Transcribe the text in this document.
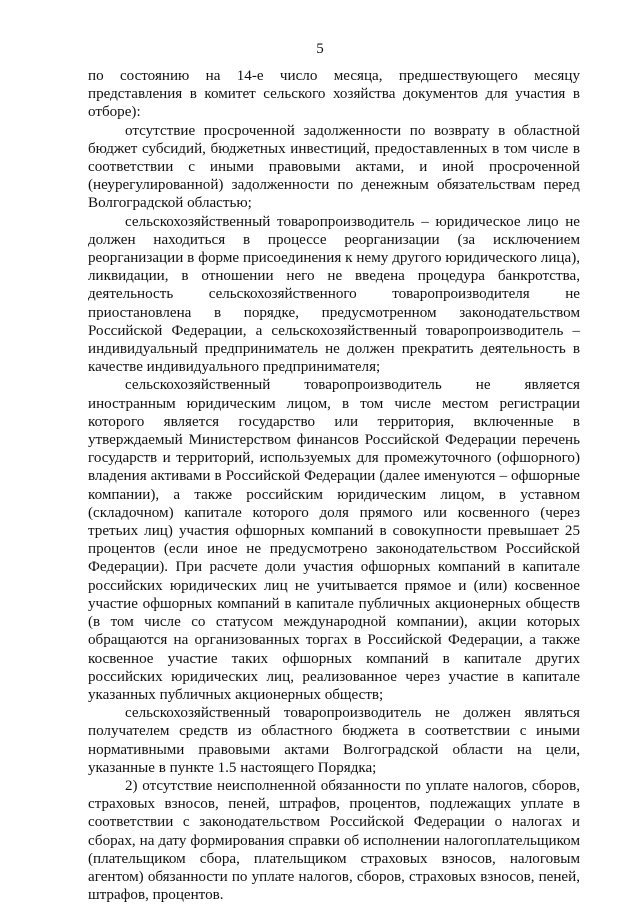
5

по состоянию на 14-е число месяца, предшествующего месяцу представления в комитет сельского хозяйства документов для участия в отборе):

отсутствие просроченной задолженности по возврату в областной бюджет субсидий, бюджетных инвестиций, предоставленных в том числе в соответствии с иными правовыми актами, и иной просроченной (неурегулированной) задолженности по денежным обязательствам перед Волгоградской областью;

сельскохозяйственный товаропроизводитель – юридическое лицо не должен находиться в процессе реорганизации (за исключением реорганизации в форме присоединения к нему другого юридического лица), ликвидации, в отношении него не введена процедура банкротства, деятельность сельскохозяйственного товаропроизводителя не приостановлена в порядке, предусмотренном законодательством Российской Федерации, а сельскохозяйственный товаропроизводитель – индивидуальный предприниматель не должен прекратить деятельность в качестве индивидуального предпринимателя;

сельскохозяйственный товаропроизводитель не является иностранным юридическим лицом, в том числе местом регистрации которого является государство или территория, включенные в утверждаемый Министерством финансов Российской Федерации перечень государств и территорий, используемых для промежуточного (офшорного) владения активами в Российской Федерации (далее именуются – офшорные компании), а также российским юридическим лицом, в уставном (складочном) капитале которого доля прямого или косвенного (через третьих лиц) участия офшорных компаний в совокупности превышает 25 процентов (если иное не предусмотрено законодательством Российской Федерации). При расчете доли участия офшорных компаний в капитале российских юридических лиц не учитывается прямое и (или) косвенное участие офшорных компаний в капитале публичных акционерных обществ (в том числе со статусом международной компании), акции которых обращаются на организованных торгах в Российской Федерации, а также косвенное участие таких офшорных компаний в капитале других российских юридических лиц, реализованное через участие в капитале указанных публичных акционерных обществ;

сельскохозяйственный товаропроизводитель не должен являться получателем средств из областного бюджета в соответствии с иными нормативными правовыми актами Волгоградской области на цели, указанные в пункте 1.5 настоящего Порядка;

2) отсутствие неисполненной обязанности по уплате налогов, сборов, страховых взносов, пеней, штрафов, процентов, подлежащих уплате в соответствии с законодательством Российской Федерации о налогах и сборах, на дату формирования справки об исполнении налогоплательщиком (плательщиком сбора, плательщиком страховых взносов, налоговым агентом) обязанности по уплате налогов, сборов, страховых взносов, пеней, штрафов, процентов.
